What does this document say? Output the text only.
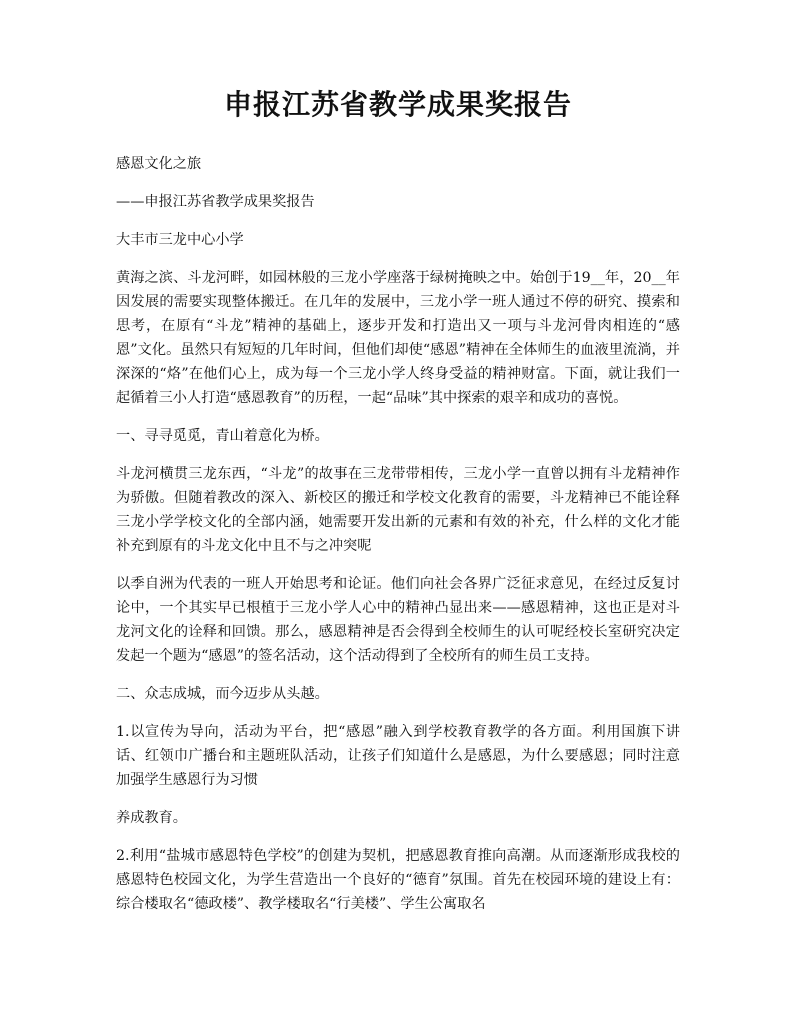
申报江苏省教学成果奖报告

感恩文化之旅

——申报江苏省教学成果奖报告

大丰市三龙中心小学

黄海之滨、斗龙河畔，如园林般的三龙小学座落于绿树掩映之中。始创于19__年，20__年因发展的需要实现整体搬迁。在几年的发展中，三龙小学一班人通过不停的研究、摸索和思考，在原有“斗龙”精神的基础上，逐步开发和打造出又一项与斗龙河骨肉相连的“感恩”文化。虽然只有短短的几年时间，但他们却使“感恩”精神在全体师生的血液里流淌，并深深的“烙”在他们心上，成为每一个三龙小学人终身受益的精神财富。下面，就让我们一起循着三小人打造“感恩教育”的历程，一起“品味”其中探索的艰辛和成功的喜悦。

一、寻寻觅觅，青山着意化为桥。

斗龙河横贯三龙东西，“斗龙”的故事在三龙带带相传，三龙小学一直曾以拥有斗龙精神作为骄傲。但随着教改的深入、新校区的搬迁和学校文化教育的需要，斗龙精神已不能诠释三龙小学学校文化的全部内涵，她需要开发出新的元素和有效的补充，什么样的文化才能补充到原有的斗龙文化中且不与之冲突呢

以季自洲为代表的一班人开始思考和论证。他们向社会各界广泛征求意见，在经过反复讨论中，一个其实早已根植于三龙小学人心中的精神凸显出来——感恩精神，这也正是对斗龙河文化的诠释和回馈。那么，感恩精神是否会得到全校师生的认可呢经校长室研究决定发起一个题为“感恩”的签名活动，这个活动得到了全校所有的师生员工支持。

二、众志成城，而今迈步从头越。

1.以宣传为导向，活动为平台，把“感恩”融入到学校教育教学的各方面。利用国旗下讲话、红领巾广播台和主题班队活动，让孩子们知道什么是感恩，为什么要感恩；同时注意加强学生感恩行为习惯

养成教育。

2.利用“盐城市感恩特色学校”的创建为契机，把感恩教育推向高潮。从而逐渐形成我校的感恩特色校园文化，为学生营造出一个良好的“德育”氛围。首先在校园环境的建设上有：综合楼取名“德政楼”、教学楼取名“行美楼”、学生公寓取名
